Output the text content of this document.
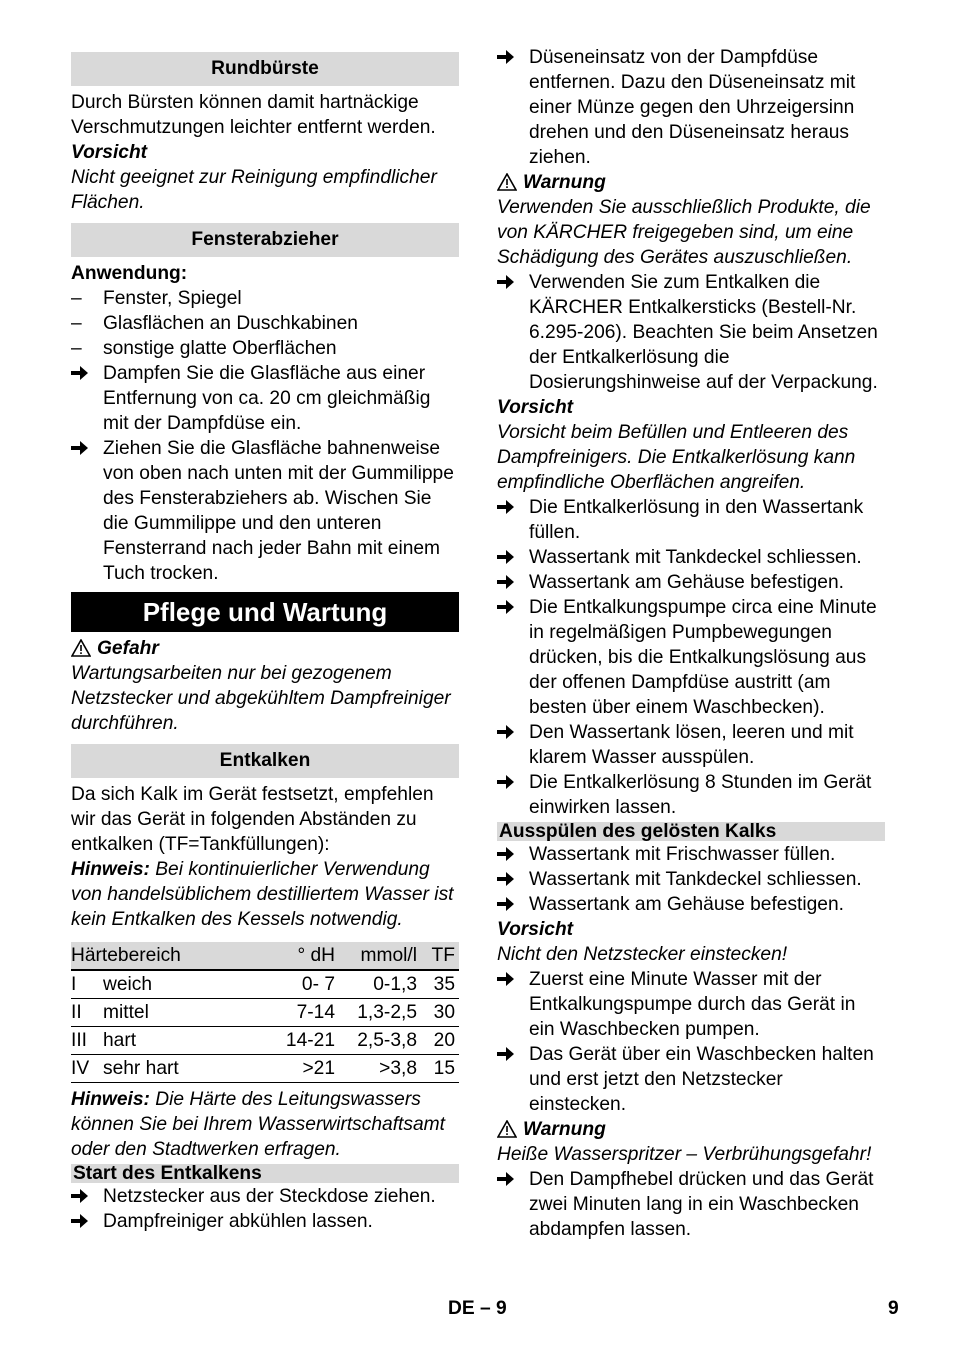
Rundbürste

Durch Bürsten können damit hartnäckige Verschmutzungen leichter entfernt werden.

Vorsicht

Nicht geeignet zur Reinigung empfindlicher Flächen.

Fensterabzieher

Anwendung:

–	Fenster, Spiegel
–	Glasflächen an Duschkabinen
–	sonstige glatte Oberflächen
Dampfen Sie die Glasfläche aus einer Entfernung von ca. 20 cm gleichmäßig mit der Dampfdüse ein.
Ziehen Sie die Glasfläche bahnenweise von oben nach unten mit der Gummilippe des Fensterabziehers ab. Wischen Sie die Gummilippe und den unteren Fensterrand nach jeder Bahn mit einem Tuch trocken.
Pflege und Wartung

Gefahr

Wartungsarbeiten nur bei gezogenem Netzstecker und abgekühltem Dampfreiniger durchführen.

Entkalken

Da sich Kalk im Gerät festsetzt, empfehlen wir das Gerät in folgenden Abständen zu entkalken (TF=Tankfüllungen):

Hinweis: Bei kontinuierlicher Verwendung von handelsüblichem destilliertem Wasser ist kein Entkalken des Kessels notwendig.

Härtebereich		° dH	mmol/l	TF
I	weich	0- 7	0-1,3	35
II	mittel	7-14	1,3-2,5	30
III	hart	14-21	2,5-3,8	20
IV	sehr hart	>21	>3,8	15

Hinweis: Die Härte des Leitungswassers können Sie bei Ihrem Wasserwirtschaftsamt oder den Stadtwerken erfragen.

Start des Entkalkens
Netzstecker aus der Steckdose ziehen.
Dampfreiniger abkühlen lassen.
Düseneinsatz von der Dampfdüse entfernen. Dazu den Düseneinsatz mit einer Münze gegen den Uhrzeigersinn drehen und den Düseneinsatz heraus ziehen.

Warnung

Verwenden Sie ausschließlich Produkte, die von KÄRCHER freigegeben sind, um eine Schädigung des Gerätes auszuschließen.

Verwenden Sie zum Entkalken die KÄRCHER Entkalkersticks (Bestell-Nr. 6.295-206). Beachten Sie beim Ansetzen der Entkalkerlösung die Dosierungshinweise auf der Verpackung.

Vorsicht

Vorsicht beim Befüllen und Entleeren des Dampfreinigers. Die Entkalkerlösung kann empfindliche Oberflächen angreifen.

Die Entkalkerlösung in den Wassertank füllen.
Wassertank mit Tankdeckel schliessen.
Wassertank am Gehäuse befestigen.
Die Entkalkungspumpe circa eine Minute in regelmäßigen Pumpbewegungen drücken, bis die Entkalkungslösung aus der offenen Dampfdüse austritt (am besten über einem Waschbecken).
Den Wassertank lösen, leeren und mit klarem Wasser ausspülen.
Die Entkalkerlösung 8 Stunden im Gerät einwirken lassen.
Ausspülen des gelösten Kalks
Wassertank mit Frischwasser füllen.
Wassertank mit Tankdeckel schliessen.
Wassertank am Gehäuse befestigen.

Vorsicht

Nicht den Netzstecker einstecken!

Zuerst eine Minute Wasser mit der Entkalkungspumpe durch das Gerät in ein Waschbecken pumpen.
Das Gerät über ein Waschbecken halten und erst jetzt den Netzstecker einstecken.

Warnung

Heiße Wasserspritzer – Verbrühungsgefahr!

Den Dampfhebel drücken und das Gerät zwei Minuten lang in ein Waschbecken abdampfen lassen.
DE – 9	9
